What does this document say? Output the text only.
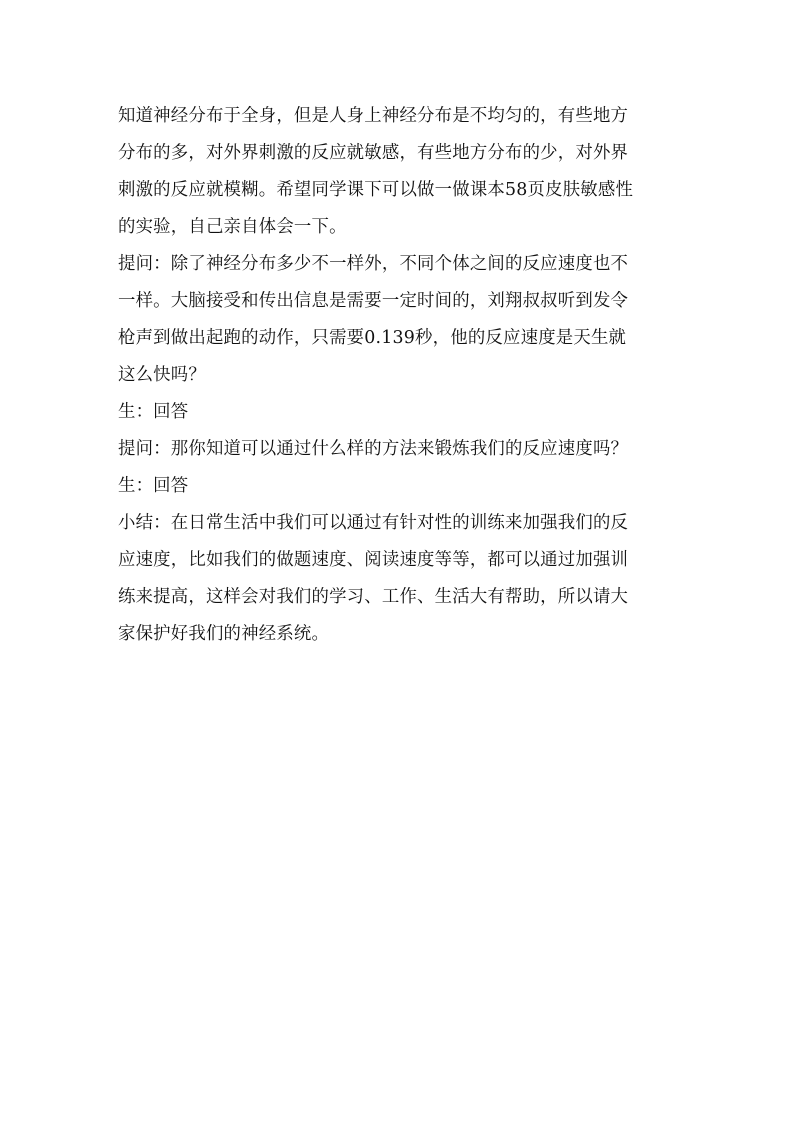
知道神经分布于全身，但是人身上神经分布是不均匀的，有些地方
分布的多，对外界刺激的反应就敏感，有些地方分布的少，对外界
刺激的反应就模糊。希望同学课下可以做一做课本58页皮肤敏感性
的实验，自己亲自体会一下。

提问：除了神经分布多少不一样外，不同个体之间的反应速度也不
一样。大脑接受和传出信息是需要一定时间的，刘翔叔叔听到发令
枪声到做出起跑的动作，只需要0.139秒，他的反应速度是天生就
这么快吗？

生：回答

提问：那你知道可以通过什么样的方法来锻炼我们的反应速度吗？

生：回答

小结：在日常生活中我们可以通过有针对性的训练来加强我们的反
应速度，比如我们的做题速度、阅读速度等等，都可以通过加强训
练来提高，这样会对我们的学习、工作、生活大有帮助，所以请大
家保护好我们的神经系统。
